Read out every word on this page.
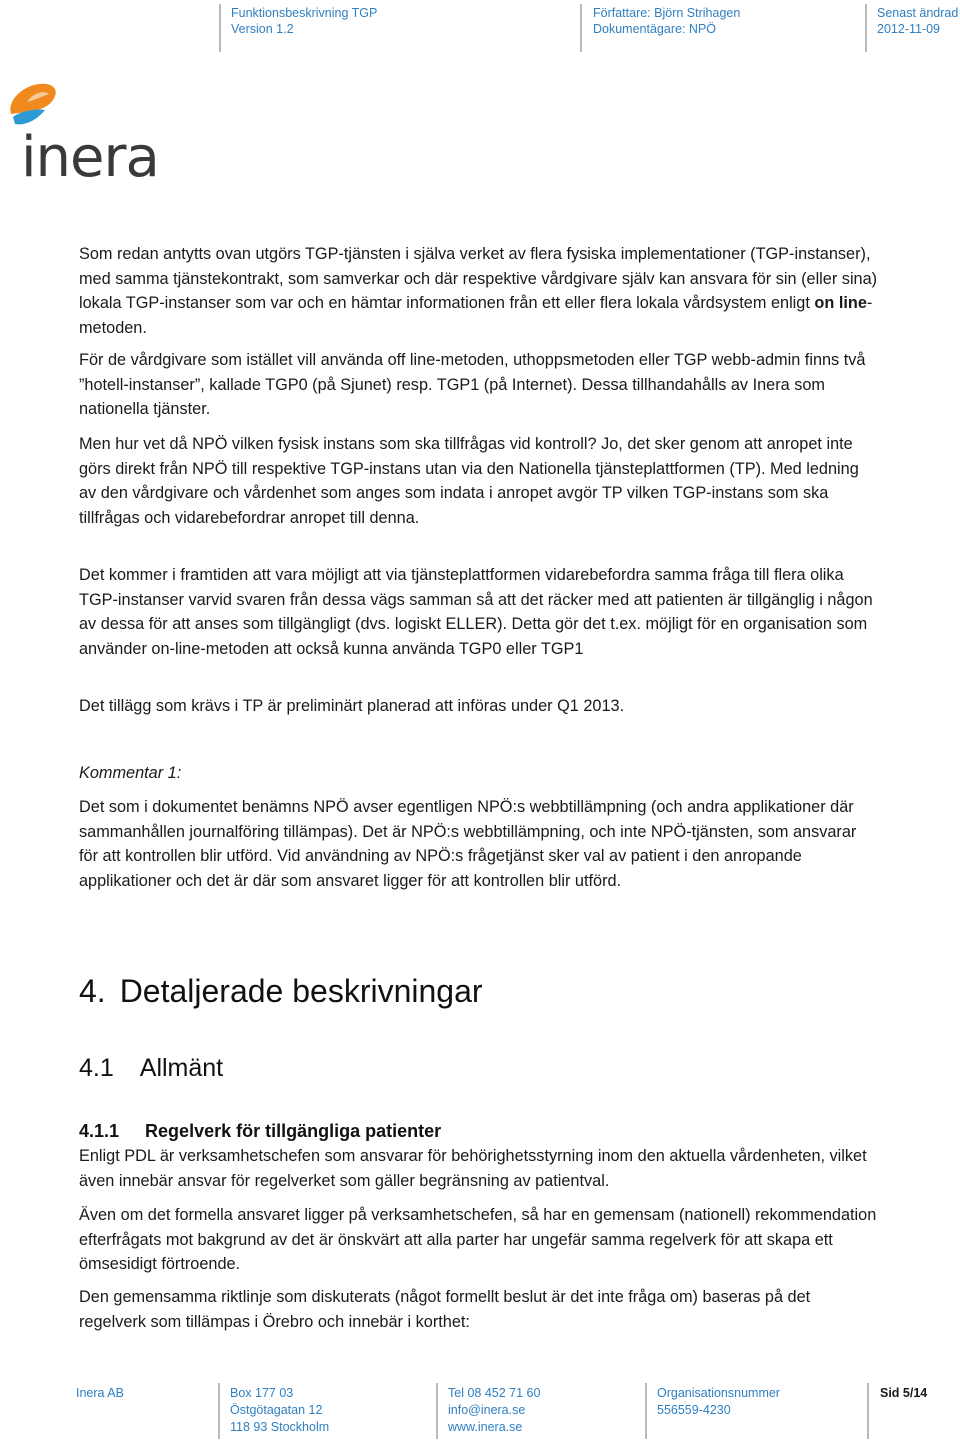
Funktionsbeskrivning TGP
Version 1.2
Författare: Björn Strihagen
Dokumentägare: NPÖ
Senast ändrad
2012-11-09
inera

Som redan antytts ovan utgörs TGP-tjänsten i själva verket av flera fysiska implementationer (TGP-instanser), med samma tjänstekontrakt, som samverkar och där respektive vårdgivare själv kan ansvara för sin (eller sina) lokala TGP-instanser som var och en hämtar informationen från ett eller flera lokala vårdsystem enligt on line-metoden.

För de vårdgivare som istället vill använda off line-metoden, uthoppsmetoden eller TGP webb-admin finns två ”hotell-instanser”, kallade TGP0 (på Sjunet) resp. TGP1 (på Internet). Dessa tillhandahålls av Inera som nationella tjänster.
Men hur vet då NPÖ vilken fysisk instans som ska tillfrågas vid kontroll? Jo, det sker genom att anropet inte görs direkt från NPÖ till respektive TGP-instans utan via den Nationella tjänsteplattformen (TP). Med ledning av den vårdgivare och vårdenhet som anges som indata i anropet avgör TP vilken TGP-instans som ska tillfrågas och vidarebefordrar anropet till denna.
Det kommer i framtiden att vara möjligt att via tjänsteplattformen vidarebefordra samma fråga till flera olika TGP-instanser varvid svaren från dessa vägs samman så att det räcker med att patienten är tillgänglig i någon av dessa för att anses som tillgängligt (dvs. logiskt ELLER). Detta gör det t.ex. möjligt för en organisation som använder on-line-metoden att också kunna använda TGP0 eller TGP1
Det tillägg som krävs i TP är preliminärt planerad att införas under Q1 2013.
Kommentar 1:
Det som i dokumentet benämns NPÖ avser egentligen NPÖ:s webbtillämpning (och andra applikationer där sammanhållen journalföring tillämpas). Det är NPÖ:s webbtillämpning, och inte NPÖ-tjänsten, som ansvarar för att kontrollen blir utförd. Vid användning av NPÖ:s frågetjänst sker val av patient i den anropande applikationer och det är där som ansvaret ligger för att kontrollen blir utförd.
4. Detaljerade beskrivningar
4.1 Allmänt
4.1.1 Regelverk för tillgängliga patienter
Enligt PDL är verksamhetschefen som ansvarar för behörighetsstyrning inom den aktuella vårdenheten, vilket även innebär ansvar för regelverket som gäller begränsning av patientval.
Även om det formella ansvaret ligger på verksamhetschefen, så har en gemensam (nationell) rekommendation efterfrågats mot bakgrund av det är önskvärt att alla parter har ungefär samma regelverk för att skapa ett ömsesidigt förtroende.
Den gemensamma riktlinje som diskuterats (något formellt beslut är det inte fråga om) baseras på det regelverk som tillämpas i Örebro och innebär i korthet:
Inera AB	Box 177 03
Östgötagatan 12
118 93 Stockholm
Tel 08 452 71 60
info@inera.se
www.inera.se
Organisationsnummer
556559-4230
Sid 5/14
